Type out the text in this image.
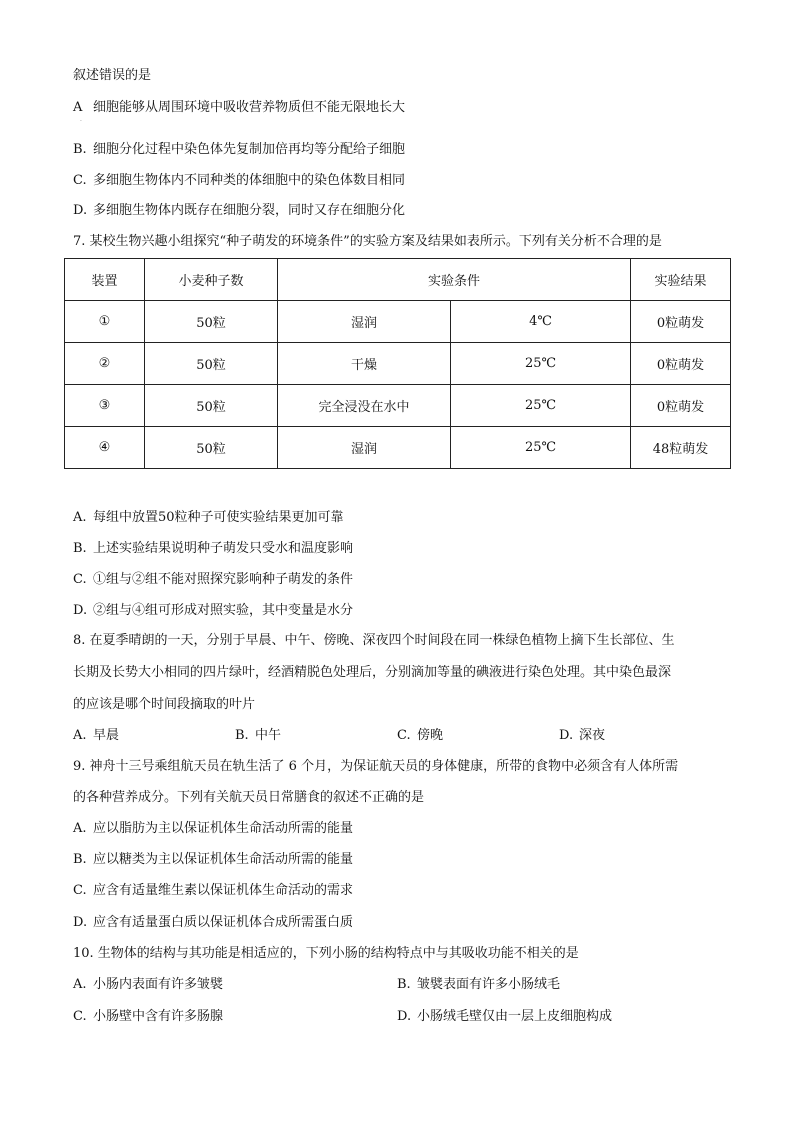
叙述错误的是
A 细胞能够从周围环境中吸收营养物质但不能无限地长大
·
B. 细胞分化过程中染色体先复制加倍再均等分配给子细胞
C. 多细胞生物体内不同种类的体细胞中的染色体数目相同
D. 多细胞生物体内既存在细胞分裂，同时又存在细胞分化
7. 某校生物兴趣小组探究“种子萌发的环境条件”的实验方案及结果如表所示。下列有关分析不合理的是
装置	小麦种子数	实验条件		实验结果
①	50粒	湿润	4℃	0粒萌发
②	50粒	干燥	25℃	0粒萌发
③	50粒	完全浸没在水中	25℃	0粒萌发
④	50粒	湿润	25℃	48粒萌发
A. 每组中放置50粒种子可使实验结果更加可靠
B. 上述实验结果说明种子萌发只受水和温度影响
C. ①组与②组不能对照探究影响种子萌发的条件
D. ②组与④组可形成对照实验，其中变量是水分
8. 在夏季晴朗的一天，分别于早晨、中午、傍晚、深夜四个时间段在同一株绿色植物上摘下生长部位、生
长期及长势大小相同的四片绿叶，经酒精脱色处理后，分别滴加等量的碘液进行染色处理。其中染色最深
的应该是哪个时间段摘取的叶片
A. 早晨	B. 中午	C. 傍晚	D. 深夜
9. 神舟十三号乘组航天员在轨生活了 6 个月，为保证航天员的身体健康，所带的食物中必须含有人体所需
的各种营养成分。下列有关航天员日常膳食的叙述不正确的是
A. 应以脂肪为主以保证机体生命活动所需的能量
B. 应以糖类为主以保证机体生命活动所需的能量
C. 应含有适量维生素以保证机体生命活动的需求
D. 应含有适量蛋白质以保证机体合成所需蛋白质
10. 生物体的结构与其功能是相适应的，下列小肠的结构特点中与其吸收功能不相关的是
A. 小肠内表面有许多皱襞	B. 皱襞表面有许多小肠绒毛
C. 小肠壁中含有许多肠腺	D. 小肠绒毛壁仅由一层上皮细胞构成
